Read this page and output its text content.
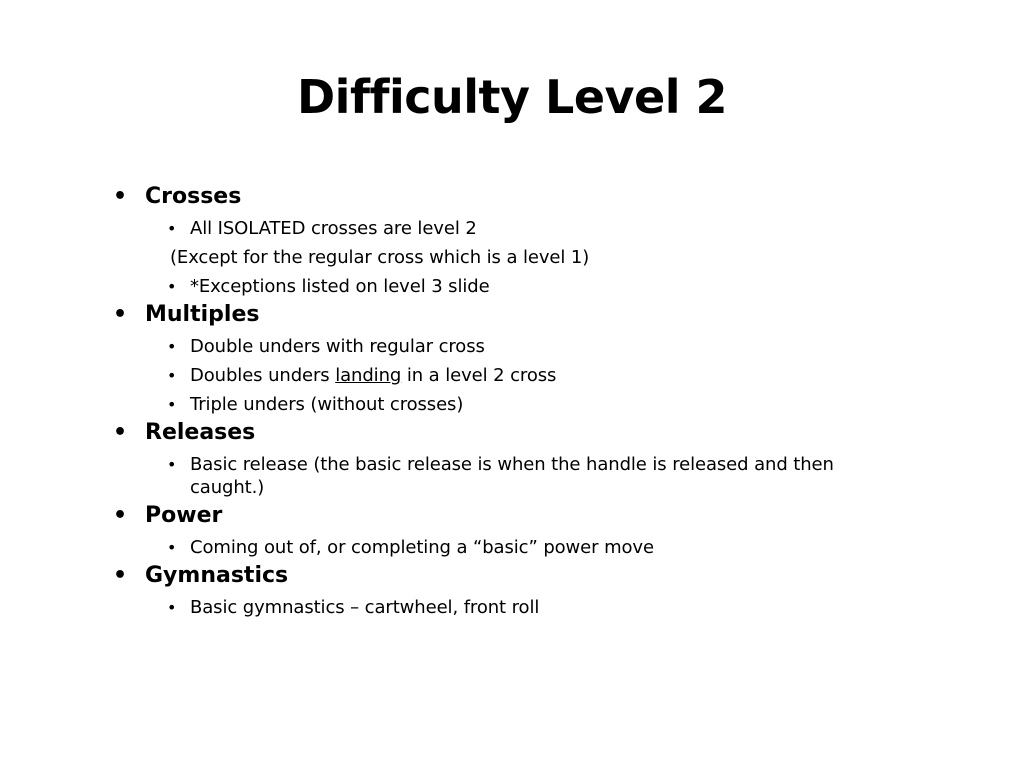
Difficulty Level 2
• Crosses
• All ISOLATED crosses are level 2
(Except for the regular cross which is a level 1)
• *Exceptions listed on level 3 slide
• Multiples
• Double unders with regular cross
• Doubles unders landing in a level 2 cross
• Triple unders (without crosses)
• Releases
• Basic release (the basic release is when the handle is released and then caught.)
• Power
• Coming out of, or completing a “basic” power move
• Gymnastics
• Basic gymnastics – cartwheel, front roll
